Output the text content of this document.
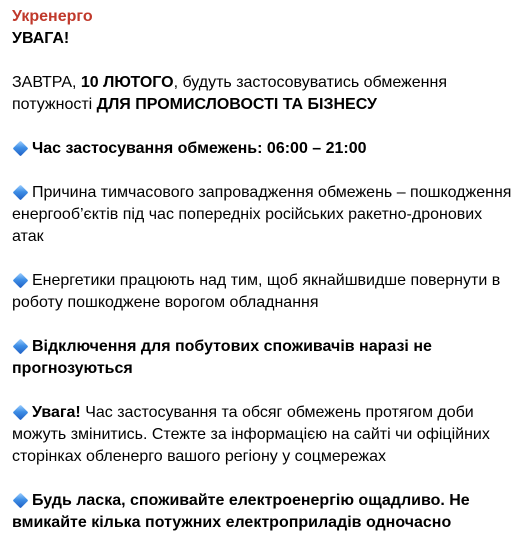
Укренерго

УВАГА!

ЗАВТРА, 10 ЛЮТОГО, будуть застосовуватись обмеження потужності ДЛЯ ПРОМИСЛОВОСТІ ТА БІЗНЕСУ

Час застосування обмежень: 06:00 – 21:00

Причина тимчасового запровадження обмежень – пошкодження енергооб’єктів під час попередніх російських ракетно-дронових атак

Енергетики працюють над тим, щоб якнайшвидше повернути в роботу пошкоджене ворогом обладнання

Відключення для побутових споживачів наразі не прогнозуються

Увага! Час застосування та обсяг обмежень протягом доби можуть змінитись. Стежте за інформацією на сайті чи офіційних сторінках обленерго вашого регіону у соцмережах

Будь ласка, споживайте електроенергію ощадливо. Не вмикайте кілька потужних електроприладів одночасно
